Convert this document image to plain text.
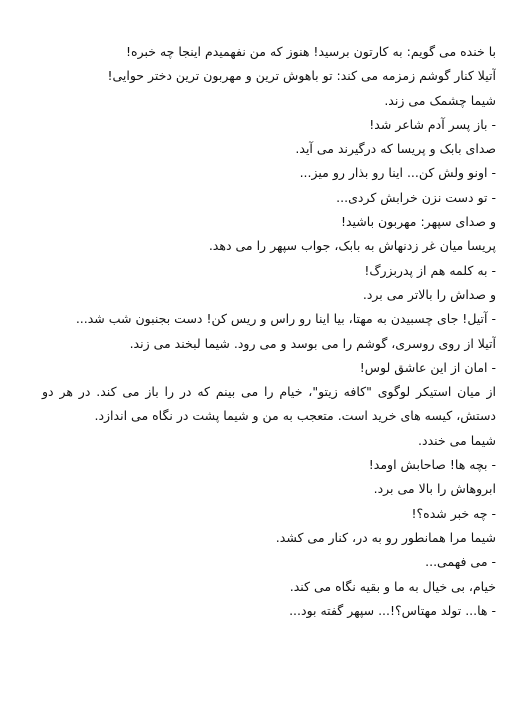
با خنده می گویم: به کارتون برسید! هنوز که من نفهمیدم اینجا چه خبره!
آتیلا کنار گوشم زمزمه می کند: تو باهوش ترین و مهربون ترین دختر حوایی!
شیما چشمک می زند.
- باز پسر آدم شاعر شد!
صدای بابک و پریسا که درگیرند می آید.
- اونو ولش کن... اینا رو بذار رو میز...
- تو دست نزن خرابش کردی...
و صدای سپهر: مهربون باشید!
پریسا میان غر زدنهاش به بابک، جواب سپهر را می دهد.
- به کلمه هم از پدربزرگ!
و صداش را بالاتر می برد.
- آتیل! جای چسبیدن به مهتا، بیا اینا رو راس و ریس کن! دست بجنبون شب شد...
آتیلا از روی روسری، گوشم را می بوسد و می رود. شیما لبخند می زند.
- امان از این عاشق لوس!
از میان استیکر لوگوی "کافه زیتو"، خیام را می بینم که در را باز می کند. در هر دو دستش، کیسه های خرید است. متعجب به من و شیما پشت در نگاه می اندازد.
شیما می خندد.
- بچه ها! صاحابش اومد!
ابروهاش را بالا می برد.
- چه خبر شده؟!
شیما مرا همانطور رو به در، کنار می کشد.
- می فهمی...
خیام، بی خیال به ما و بقیه نگاه می کند.
- ها... تولد مهتاس؟!... سپهر گفته بود...
